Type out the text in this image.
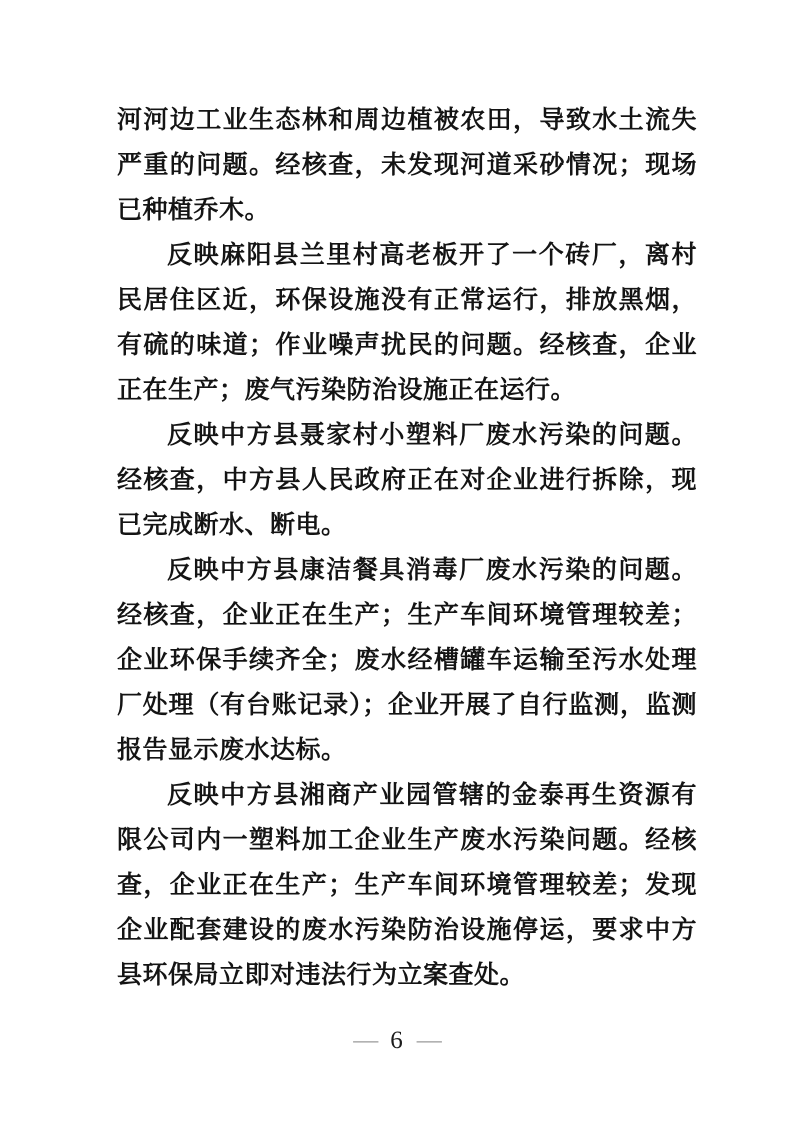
河河边工业生态林和周边植被农田，导致水土流失严重的问题。经核查，未发现河道采砂情况；现场已种植乔木。

反映麻阳县兰里村高老板开了一个砖厂，离村民居住区近，环保设施没有正常运行，排放黑烟，有硫的味道；作业噪声扰民的问题。经核查，企业正在生产；废气污染防治设施正在运行。

反映中方县聂家村小塑料厂废水污染的问题。经核查，中方县人民政府正在对企业进行拆除，现已完成断水、断电。

反映中方县康洁餐具消毒厂废水污染的问题。经核查，企业正在生产；生产车间环境管理较差；企业环保手续齐全；废水经槽罐车运输至污水处理厂处理（有台账记录）；企业开展了自行监测，监测报告显示废水达标。

反映中方县湘商产业园管辖的金泰再生资源有限公司内一塑料加工企业生产废水污染问题。经核查，企业正在生产；生产车间环境管理较差；发现企业配套建设的废水污染防治设施停运，要求中方县环保局立即对违法行为立案查处。

— 6 —
